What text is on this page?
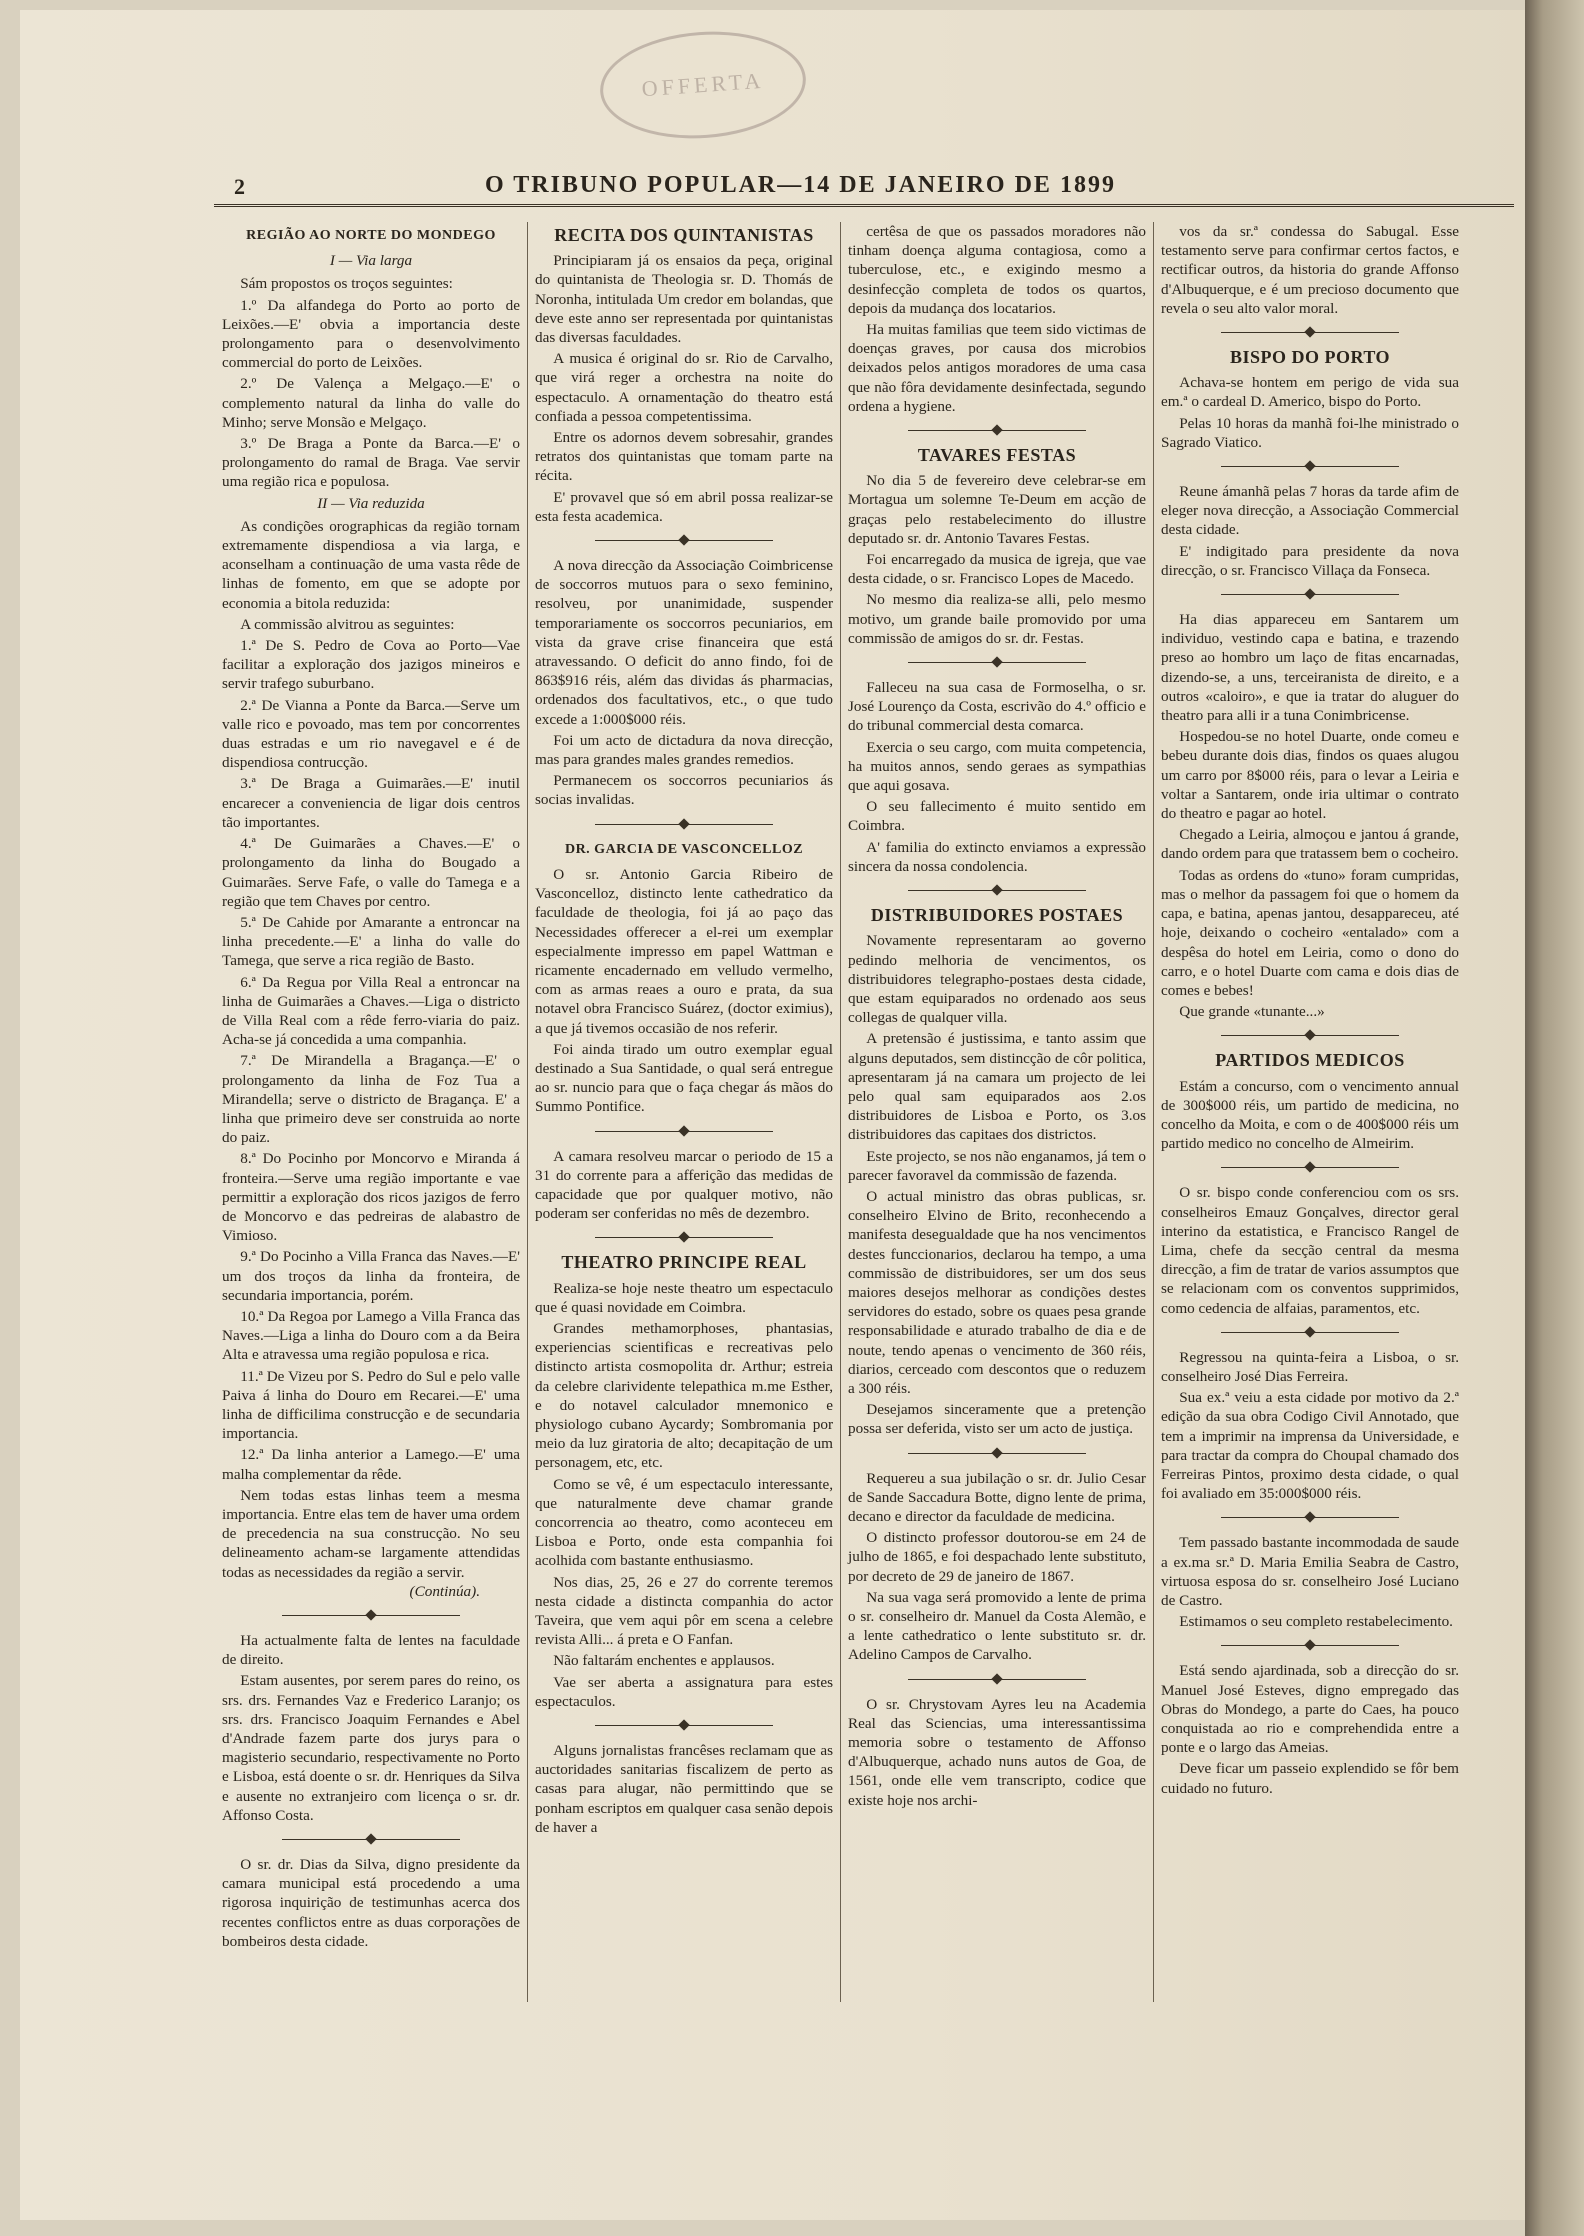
OFFERTA
2	O TRIBUNO POPULAR—14 DE JANEIRO DE 1899
REGIÃO AO NORTE DO MONDEGO
I — Via larga

Sám propostos os troços seguintes:

1.º Da alfandega do Porto ao porto de Leixões.—E' obvia a importancia deste prolongamento para o desenvolvimento commercial do porto de Leixões.

2.º De Valença a Melgaço.—E' o complemento natural da linha do valle do Minho; serve Monsão e Melgaço.

3.º De Braga a Ponte da Barca.—E' o prolongamento do ramal de Braga. Vae servir uma região rica e populosa.

II — Via reduzida

As condições orographicas da região tornam extremamente dispendiosa a via larga, e aconselham a continuação de uma vasta rêde de linhas de fomento, em que se adopte por economia a bitola reduzida:

A commissão alvitrou as seguintes:

1.ª De S. Pedro de Cova ao Porto—Vae facilitar a exploração dos jazigos mineiros e servir trafego suburbano.

2.ª De Vianna a Ponte da Barca.—Serve um valle rico e povoado, mas tem por concorrentes duas estradas e um rio navegavel e é de dispendiosa contrucção.

3.ª De Braga a Guimarães.—E' inutil encarecer a conveniencia de ligar dois centros tão importantes.

4.ª De Guimarães a Chaves.—E' o prolongamento da linha do Bougado a Guimarães. Serve Fafe, o valle do Tamega e a região que tem Chaves por centro.

5.ª De Cahide por Amarante a entroncar na linha precedente.—E' a linha do valle do Tamega, que serve a rica região de Basto.

6.ª Da Regua por Villa Real a entroncar na linha de Guimarães a Chaves.—Liga o districto de Villa Real com a rêde ferro-viaria do paiz. Acha-se já concedida a uma companhia.

7.ª De Mirandella a Bragança.—E' o prolongamento da linha de Foz Tua a Mirandella; serve o districto de Bragança. E' a linha que primeiro deve ser construida ao norte do paiz.

8.ª Do Pocinho por Moncorvo e Miranda á fronteira.—Serve uma região importante e vae permittir a exploração dos ricos jazigos de ferro de Moncorvo e das pedreiras de alabastro de Vimioso.

9.ª Do Pocinho a Villa Franca das Naves.—E' um dos troços da linha da fronteira, de secundaria importancia, porém.

10.ª Da Regoa por Lamego a Villa Franca das Naves.—Liga a linha do Douro com a da Beira Alta e atravessa uma região populosa e rica.

11.ª De Vizeu por S. Pedro do Sul e pelo valle Paiva á linha do Douro em Recarei.—E' uma linha de difficilima construcção e de secundaria importancia.

12.ª Da linha anterior a Lamego.—E' uma malha complementar da rêde.

Nem todas estas linhas teem a mesma importancia. Entre elas tem de haver uma ordem de precedencia na sua construcção. No seu delineamento acham-se largamente attendidas todas as necessidades da região a servir.

(Continúa).

Ha actualmente falta de lentes na faculdade de direito.

Estam ausentes, por serem pares do reino, os srs. drs. Fernandes Vaz e Frederico Laranjo; os srs. drs. Francisco Joaquim Fernandes e Abel d'Andrade fazem parte dos jurys para o magisterio secundario, respectivamente no Porto e Lisboa, está doente o sr. dr. Henriques da Silva e ausente no extranjeiro com licença o sr. dr. Affonso Costa.

O sr. dr. Dias da Silva, digno presidente da camara municipal está procedendo a uma rigorosa inquirição de testimunhas acerca dos recentes conflictos entre as duas corporações de bombeiros desta cidade.

RECITA DOS QUINTANISTAS

Principiaram já os ensaios da peça, original do quintanista de Theologia sr. D. Thomás de Noronha, intitulada Um credor em bolandas, que deve este anno ser representada por quintanistas das diversas faculdades.

A musica é original do sr. Rio de Carvalho, que virá reger a orchestra na noite do espectaculo. A ornamentação do theatro está confiada a pessoa competentissima.

Entre os adornos devem sobresahir, grandes retratos dos quintanistas que tomam parte na récita.

E' provavel que só em abril possa realizar-se esta festa academica.

A nova direcção da Associação Coimbricense de soccorros mutuos para o sexo feminino, resolveu, por unanimidade, suspender temporariamente os soccorros pecuniarios, em vista da grave crise financeira que está atravessando. O deficit do anno findo, foi de 863$916 réis, além das dividas ás pharmacias, ordenados dos facultativos, etc., o que tudo excede a 1:000$000 réis.

Foi um acto de dictadura da nova direcção, mas para grandes males grandes remedios.

Permanecem os soccorros pecuniarios ás socias invalidas.

DR. GARCIA DE VASCONCELLOZ

O sr. Antonio Garcia Ribeiro de Vasconcelloz, distincto lente cathedratico da faculdade de theologia, foi já ao paço das Necessidades offerecer a el-rei um exemplar especialmente impresso em papel Wattman e ricamente encadernado em velludo vermelho, com as armas reaes a ouro e prata, da sua notavel obra Francisco Suárez, (doctor eximius), a que já tivemos occasião de nos referir.

Foi ainda tirado um outro exemplar egual destinado a Sua Santidade, o qual será entregue ao sr. nuncio para que o faça chegar ás mãos do Summo Pontifice.

A camara resolveu marcar o periodo de 15 a 31 do corrente para a afferição das medidas de capacidade que por qualquer motivo, não poderam ser conferidas no mês de dezembro.

THEATRO PRINCIPE REAL

Realiza-se hoje neste theatro um espectaculo que é quasi novidade em Coimbra.

Grandes methamorphoses, phantasias, experiencias scientificas e recreativas pelo distincto artista cosmopolita dr. Arthur; estreia da celebre clarividente telepathica m.me Esther, e do notavel calculador mnemonico e physiologo cubano Aycardy; Sombromania por meio da luz giratoria de alto; decapitação de um personagem, etc, etc.

Como se vê, é um espectaculo interessante, que naturalmente deve chamar grande concorrencia ao theatro, como aconteceu em Lisboa e Porto, onde esta companhia foi acolhida com bastante enthusiasmo.

Nos dias, 25, 26 e 27 do corrente teremos nesta cidade a distincta companhia do actor Taveira, que vem aqui pôr em scena a celebre revista Alli... á preta e O Fanfan.

Não faltarám enchentes e applausos.

Vae ser aberta a assignatura para estes espectaculos.

Alguns jornalistas francêses reclamam que as auctoridades sanitarias fiscalizem de perto as casas para alugar, não permittindo que se ponham escriptos em qualquer casa senão depois de haver a

certêsa de que os passados moradores não tinham doença alguma contagiosa, como a tuberculose, etc., e exigindo mesmo a desinfecção completa de todos os quartos, depois da mudança dos locatarios.

Ha muitas familias que teem sido victimas de doenças graves, por causa dos microbios deixados pelos antigos moradores de uma casa que não fôra devidamente desinfectada, segundo ordena a hygiene.

TAVARES FESTAS

No dia 5 de fevereiro deve celebrar-se em Mortagua um solemne Te-Deum em acção de graças pelo restabelecimento do illustre deputado sr. dr. Antonio Tavares Festas.

Foi encarregado da musica de igreja, que vae desta cidade, o sr. Francisco Lopes de Macedo.

No mesmo dia realiza-se alli, pelo mesmo motivo, um grande baile promovido por uma commissão de amigos do sr. dr. Festas.

Falleceu na sua casa de Formoselha, o sr. José Lourenço da Costa, escrivão do 4.º officio e do tribunal commercial desta comarca.

Exercia o seu cargo, com muita competencia, ha muitos annos, sendo geraes as sympathias que aqui gosava.

O seu fallecimento é muito sentido em Coimbra.

A' familia do extincto enviamos a expressão sincera da nossa condolencia.

DISTRIBUIDORES POSTAES

Novamente representaram ao governo pedindo melhoria de vencimentos, os distribuidores telegrapho-postaes desta cidade, que estam equiparados no ordenado aos seus collegas de qualquer villa.

A pretensão é justissima, e tanto assim que alguns deputados, sem distincção de côr politica, apresentaram já na camara um projecto de lei pelo qual sam equiparados aos 2.os distribuidores de Lisboa e Porto, os 3.os distribuidores das capitaes dos districtos.

Este projecto, se nos não enganamos, já tem o parecer favoravel da commissão de fazenda.

O actual ministro das obras publicas, sr. conselheiro Elvino de Brito, reconhecendo a manifesta desegualdade que ha nos vencimentos destes funccionarios, declarou ha tempo, a uma commissão de distribuidores, ser um dos seus maiores desejos melhorar as condições destes servidores do estado, sobre os quaes pesa grande responsabilidade e aturado trabalho de dia e de noute, tendo apenas o vencimento de 360 réis, diarios, cerceado com descontos que o reduzem a 300 réis.

Desejamos sinceramente que a pretenção possa ser deferida, visto ser um acto de justiça.

Requereu a sua jubilação o sr. dr. Julio Cesar de Sande Saccadura Botte, digno lente de prima, decano e director da faculdade de medicina.

O distincto professor doutorou-se em 24 de julho de 1865, e foi despachado lente substituto, por decreto de 29 de janeiro de 1867.

Na sua vaga será promovido a lente de prima o sr. conselheiro dr. Manuel da Costa Alemão, e a lente cathedratico o lente substituto sr. dr. Adelino Campos de Carvalho.

O sr. Chrystovam Ayres leu na Academia Real das Sciencias, uma interessantissima memoria sobre o testamento de Affonso d'Albuquerque, achado nuns autos de Goa, de 1561, onde elle vem transcripto, codice que existe hoje nos archi-

vos da sr.ª condessa do Sabugal. Esse testamento serve para confirmar certos factos, e rectificar outros, da historia do grande Affonso d'Albuquerque, e é um precioso documento que revela o seu alto valor moral.

BISPO DO PORTO

Achava-se hontem em perigo de vida sua em.ª o cardeal D. Americo, bispo do Porto.

Pelas 10 horas da manhã foi-lhe ministrado o Sagrado Viatico.

Reune ámanhã pelas 7 horas da tarde afim de eleger nova direcção, a Associação Commercial desta cidade.

E' indigitado para presidente da nova direcção, o sr. Francisco Villaça da Fonseca.

Ha dias appareceu em Santarem um individuo, vestindo capa e batina, e trazendo preso ao hombro um laço de fitas encarnadas, dizendo-se, a uns, terceiranista de direito, e a outros «caloiro», e que ia tratar do aluguer do theatro para alli ir a tuna Conimbricense.

Hospedou-se no hotel Duarte, onde comeu e bebeu durante dois dias, findos os quaes alugou um carro por 8$000 réis, para o levar a Leiria e voltar a Santarem, onde iria ultimar o contrato do theatro e pagar ao hotel.

Chegado a Leiria, almoçou e jantou á grande, dando ordem para que tratassem bem o cocheiro.

Todas as ordens do «tuno» foram cumpridas, mas o melhor da passagem foi que o homem da capa, e batina, apenas jantou, desappareceu, até hoje, deixando o cocheiro «entalado» com a despêsa do hotel em Leiria, como o dono do carro, e o hotel Duarte com cama e dois dias de comes e bebes!

Que grande «tunante...»

PARTIDOS MEDICOS

Estám a concurso, com o vencimento annual de 300$000 réis, um partido de medicina, no concelho da Moita, e com o de 400$000 réis um partido medico no concelho de Almeirim.

O sr. bispo conde conferenciou com os srs. conselheiros Emauz Gonçalves, director geral interino da estatistica, e Francisco Rangel de Lima, chefe da secção central da mesma direcção, a fim de tratar de varios assumptos que se relacionam com os conventos supprimidos, como cedencia de alfaias, paramentos, etc.

Regressou na quinta-feira a Lisboa, o sr. conselheiro José Dias Ferreira.

Sua ex.ª veiu a esta cidade por motivo da 2.ª edição da sua obra Codigo Civil Annotado, que tem a imprimir na imprensa da Universidade, e para tractar da compra do Choupal chamado dos Ferreiras Pintos, proximo desta cidade, o qual foi avaliado em 35:000$000 réis.

Tem passado bastante incommodada de saude a ex.ma sr.ª D. Maria Emilia Seabra de Castro, virtuosa esposa do sr. conselheiro José Luciano de Castro.

Estimamos o seu completo restabelecimento.

Está sendo ajardinada, sob a direcção do sr. Manuel José Esteves, digno empregado das Obras do Mondego, a parte do Caes, ha pouco conquistada ao rio e comprehendida entre a ponte e o largo das Ameias.

Deve ficar um passeio explendido se fôr bem cuidado no futuro.
